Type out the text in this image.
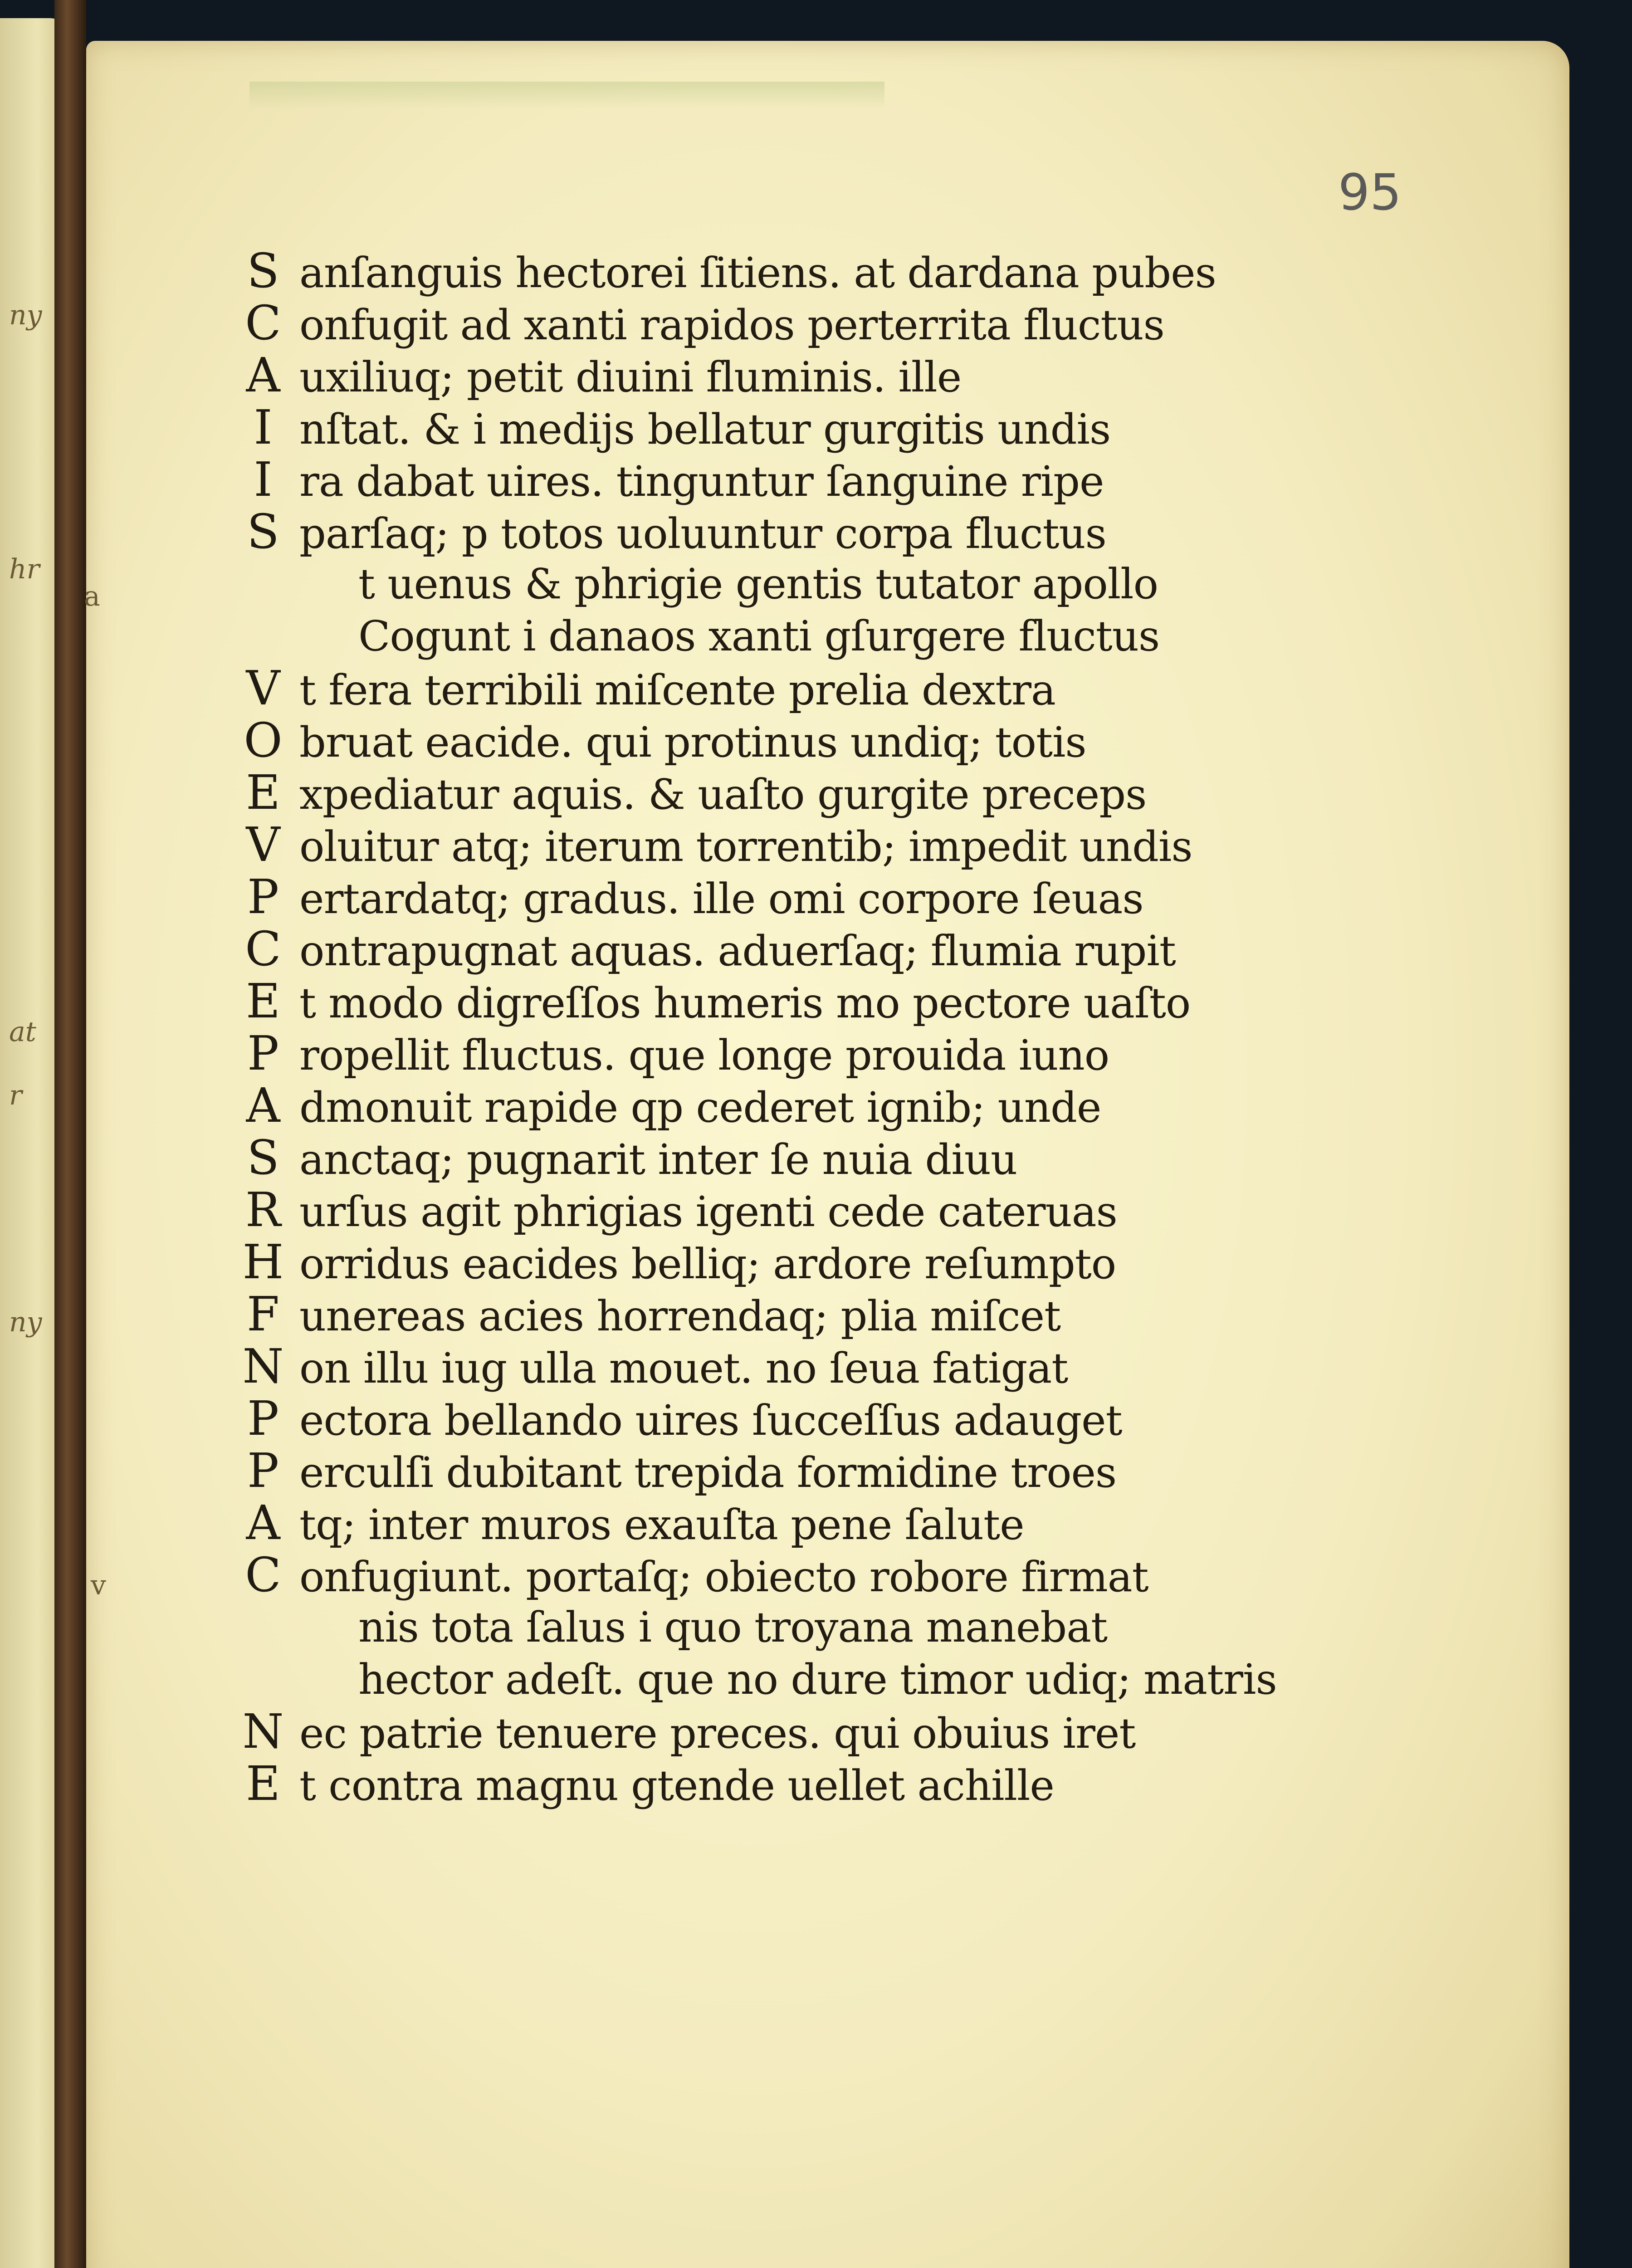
ny
hr
at
r
ny
95
a
v
S anſanguis hectorei ſitiens. at dardana pubes
C onfugit ad xanti rapidos perterrita fluctus
A uxiliuq; petit diuini fluminis. ille
I nſtat. & i medijs bellatur gurgitis undis
I ra dabat uires. tinguntur ſanguine ripe
S parſaq; p totos uoluuntur corpa fluctus
t uenus & phrigie gentis tutator apollo
Cogunt i danaos xanti gſurgere fluctus
V t fera terribili miſcente prelia dextra
O bruat eacide. qui protinus undiq; totis
E xpediatur aquis. & uaſto gurgite preceps
V oluitur atq; iterum torrentib; impedit undis
P ertardatq; gradus. ille omi corpore ſeuas
C ontrapugnat aquas. aduerſaq; flumia rupit
E t modo digreſſos humeris mo pectore uaſto
P ropellit fluctus. que longe prouida iuno
A dmonuit rapide qp cederet ignib; unde
S anctaq; pugnarit inter ſe nuia diuu
R urſus agit phrigias igenti cede cateruas
H orridus eacides belliq; ardore reſumpto
F unereas acies horrendaq; plia miſcet
N on illu iug ulla mouet. no ſeua fatigat
P ectora bellando uires ſucceſſus adauget
P erculſi dubitant trepida formidine troes
A tq; inter muros exauſta pene ſalute
C onfugiunt. portaſq; obiecto robore firmat
nis tota ſalus i quo troyana manebat
hector adeſt. que no dure timor udiq; matris
N ec patrie tenuere preces. qui obuius iret
E t contra magnu gtende uellet achille
